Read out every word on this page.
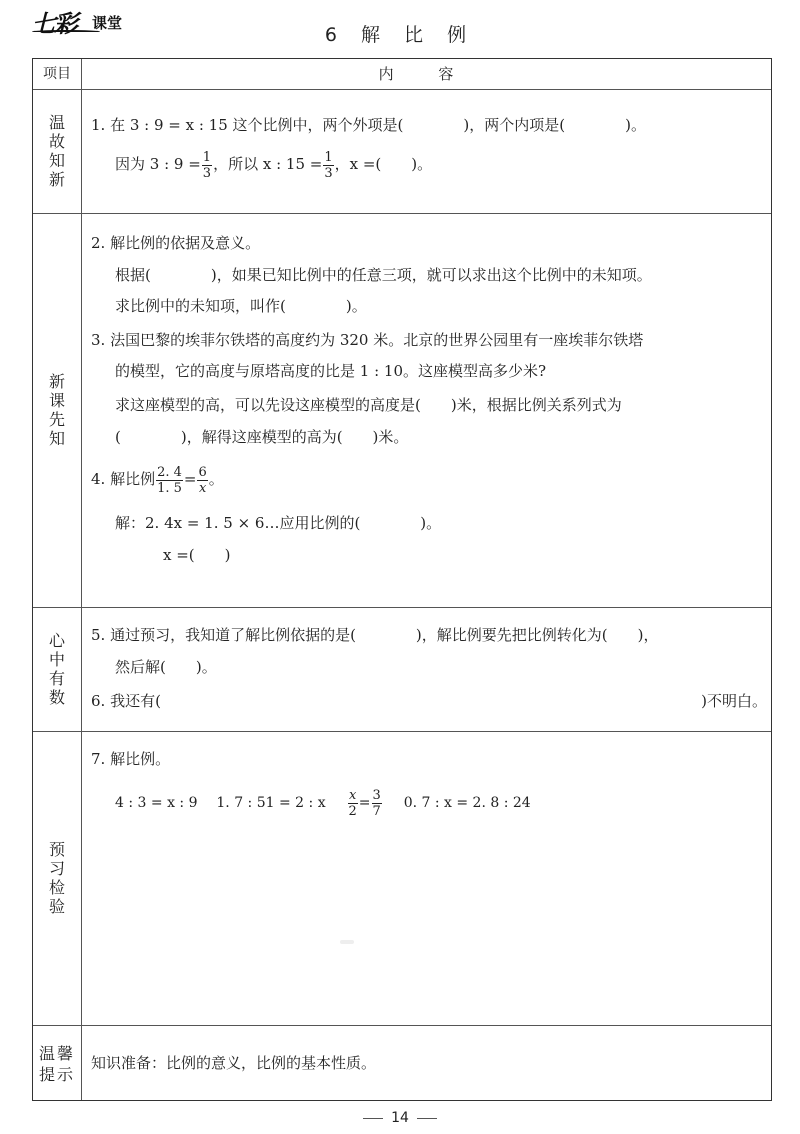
七彩 课堂
6 解 比 例
项目	内 容
温
故
知
新
1. 在 3 : 9 = x : 15 这个比例中，两个外项是(　　　　)，两个内项是(　　　　)。
因为 3 : $9 = \frac{1}{3}$ ，所以 x : $15 = \frac{1}{3}$ ，x =(　　)。
新
课
先
知
2. 解比例的依据及意义。
根据(　　　　)，如果已知比例中的任意三项，就可以求出这个比例中的未知项。
求比例中的未知项，叫作(　　　　)。
3. 法国巴黎的埃菲尔铁塔的高度约为 320 米。北京的世界公园里有一座埃菲尔铁塔
的模型，它的高度与原塔高度的比是 1 : 10。这座模型高多少米?
求这座模型的高，可以先设这座模型的高度是(　　)米，根据比例关系列式为
(　　　　)，解得这座模型的高为(　　)米。
4. 解比例 $\frac{2. 4}{1. 5} = \frac{6}{x}$ 。
解：2. 4x = 1. 5 × 6…应用比例的(　　　　)。
x =(　　)
心
中
有
数
5. 通过预习，我知道了解比例依据的是(　　　　)，解比例要先把比例转化为(　　)，
然后解(　　)。
6. 我还有(	)不明白。
预
习
检
验
7. 解比例。
4 : 3 = x : 9 1. 7 : 51 = 2 : x $\frac{x}{2} = \frac{3}{7} 0$. 7 : x = 2. 8 : 24
温馨
提示
知识准备：比例的意义，比例的基本性质。
14
